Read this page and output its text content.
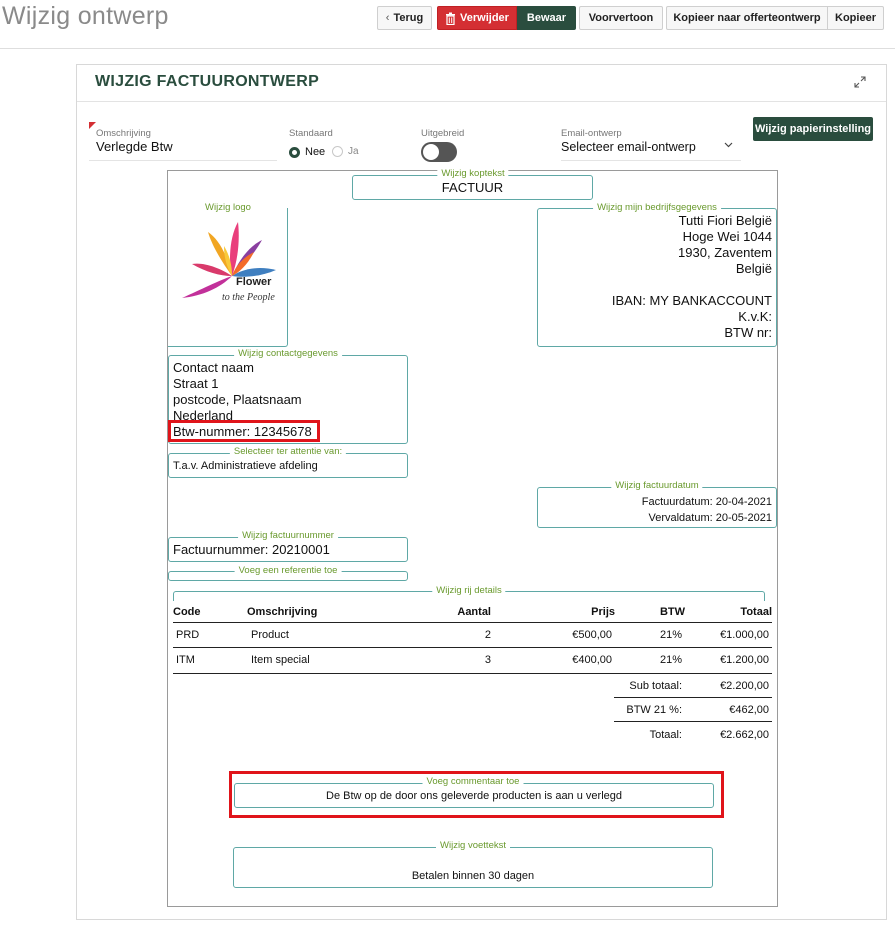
Wijzig ontwerp	‹ Terug	Verwijder	Bewaar	Voorvertoon	Kopieer naar offerteontwerp	Kopieer
WIJZIG FACTUURONTWERP
Omschrijving
Verlegde Btw
Standaard
Nee Ja
Uitgebreid	Email-ontwerp
Selecteer email-ontwerp
Wijzig papierinstelling
Wijzig koptekst
FACTUUR
Wijzig logo
Flower
to the People
Wijzig mijn bedrijfsgegevens
Tutti Fiori België
Hoge Wei 1044
1930, Zaventem
België
IBAN: MY BANKACCOUNT
K.v.K:
BTW nr:
Wijzig contactgegevens
Contact naam
Straat 1
postcode, Plaatsnaam
Nederland
Btw-nummer: 12345678
Selecteer ter attentie van:
T.a.v. Administratieve afdeling
Wijzig factuurdatum
Factuurdatum: 20-04-2021
Vervaldatum: 20-05-2021
Wijzig factuurnummer
Factuurnummer: 20210001
Voeg een referentie toe
Wijzig rij details
Code	Omschrijving	Aantal	Prijs	BTW	Totaal
PRD	Product	2	€500,00	21%	€1.000,00
ITM	Item special	3	€400,00	21%	€1.200,00
Sub totaal:	€2.200,00
BTW 21 %:	€462,00
Totaal:	€2.662,00
Voeg commentaar toe
De Btw op de door ons geleverde producten is aan u verlegd
Wijzig voettekst
Betalen binnen 30 dagen
